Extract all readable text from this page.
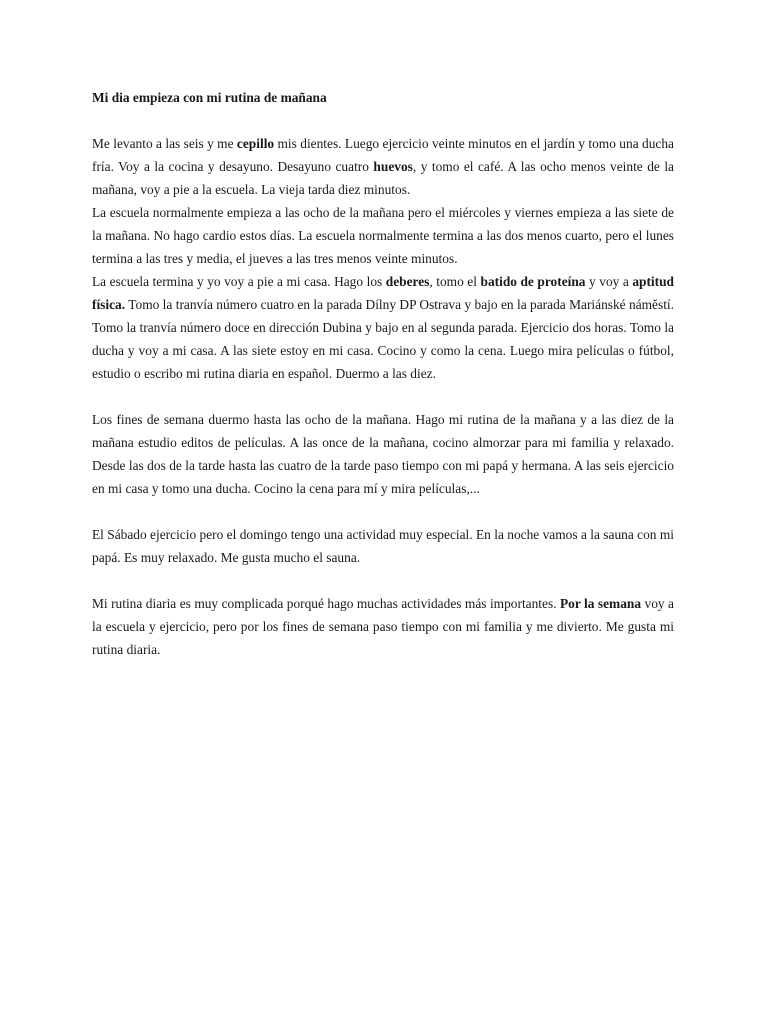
Mi dia empieza con mi rutina de mañana

Me levanto a las seis y me cepillo mis dientes. Luego ejercicio veinte minutos en el jardín y tomo una ducha fría. Voy a la cocina y desayuno. Desayuno cuatro huevos, y tomo el café. A las ocho menos veinte de la mañana, voy a pie a la escuela. La vieja tarda diez minutos.

La escuela normalmente empieza a las ocho de la mañana pero el miércoles y viernes empieza a las siete de la mañana. No hago cardio estos días. La escuela normalmente termina a las dos menos cuarto, pero el lunes termina a las tres y media, el jueves a las tres menos veinte minutos.

La escuela termina y yo voy a pie a mi casa. Hago los deberes, tomo el batido de proteína y voy a aptitud física. Tomo la tranvía número cuatro en la parada Dílny DP Ostrava y bajo en la parada Mariánské náměstí. Tomo la tranvía número doce en dirección Dubina y bajo en al segunda parada. Ejercicio dos horas. Tomo la ducha y voy a mi casa. A las siete estoy en mi casa. Cocino y como la cena. Luego mira películas o fútbol, estudio o escribo mi rutina diaria en español. Duermo a las diez.

Los fines de semana duermo hasta las ocho de la mañana. Hago mi rutina de la mañana y a las diez de la mañana estudio editos de películas. A las once de la mañana, cocino almorzar para mi familia y relaxado. Desde las dos de la tarde hasta las cuatro de la tarde paso tiempo con mi papá y hermana. A las seis ejercicio en mi casa y tomo una ducha. Cocino la cena para mí y mira películas,...

El Sábado ejercicio pero el domingo tengo una actividad muy especial. En la noche vamos a la sauna con mi papá. Es muy relaxado. Me gusta mucho el sauna.

Mi rutina diaria es muy complicada porqué hago muchas actividades más importantes. Por la semana voy a la escuela y ejercicio, pero por los fines de semana paso tiempo con mi familia y me divierto. Me gusta mi rutina diaria.
